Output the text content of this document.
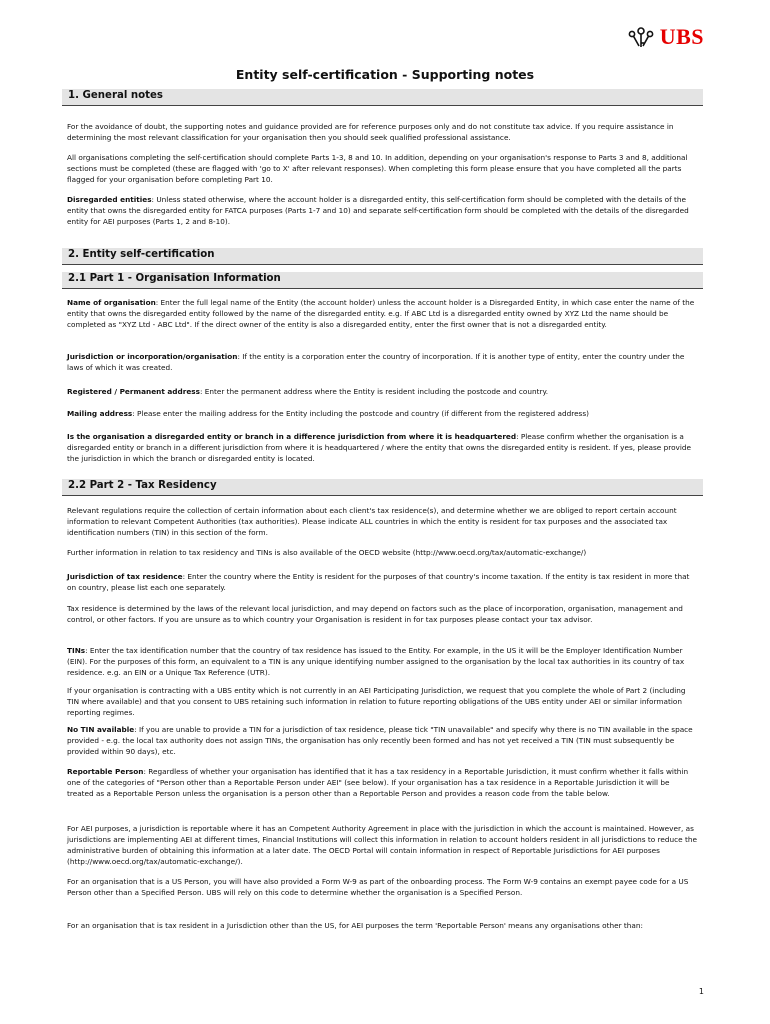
UBS
Entity self-certification - Supporting notes
1. General notes

For the avoidance of doubt, the supporting notes and guidance provided are for reference purposes only and do not constitute tax advice. If you require assistance in determining the most relevant classification for your organisation then you should seek qualified professional assistance.

All organisations completing the self-certification should complete Parts 1-3, 8 and 10. In addition, depending on your organisation's response to Parts 3 and 8, additional sections must be completed (these are flagged with 'go to X' after relevant responses). When completing this form please ensure that you have completed all the parts flagged for your organisation before completing Part 10.

Disregarded entities: Unless stated otherwise, where the account holder is a disregarded entity, this self-certification form should be completed with the details of the entity that owns the disregarded entity for FATCA purposes (Parts 1-7 and 10) and separate self-certification form should be completed with the details of the disregarded entity for AEI purposes (Parts 1, 2 and 8-10).

2. Entity self-certification
2.1 Part 1 - Organisation Information

Name of organisation: Enter the full legal name of the Entity (the account holder) unless the account holder is a Disregarded Entity, in which case enter the name of the entity that owns the disregarded entity followed by the name of the disregarded entity. e.g. If ABC Ltd is a disregarded entity owned by XYZ Ltd the name should be completed as "XYZ Ltd - ABC Ltd". If the direct owner of the entity is also a disregarded entity, enter the first owner that is not a disregarded entity.

Jurisdiction or incorporation/organisation: If the entity is a corporation enter the country of incorporation. If it is another type of entity, enter the country under the laws of which it was created.

Registered / Permanent address: Enter the permanent address where the Entity is resident including the postcode and country.

Mailing address: Please enter the mailing address for the Entity including the postcode and country (if different from the registered address)

Is the organisation a disregarded entity or branch in a difference jurisdiction from where it is headquartered: Please confirm whether the organisation is a disregarded entity or branch in a different jurisdiction from where it is headquartered / where the entity that owns the disregarded entity is resident. If yes, please provide the jurisdiction in which the branch or disregarded entity is located.

2.2 Part 2 - Tax Residency

Relevant regulations require the collection of certain information about each client's tax residence(s), and determine whether we are obliged to report certain account information to relevant Competent Authorities (tax authorities). Please indicate ALL countries in which the entity is resident for tax purposes and the associated tax identification numbers (TIN) in this section of the form.

Further information in relation to tax residency and TINs is also available of the OECD website (http://www.oecd.org/tax/automatic-exchange/)

Jurisdiction of tax residence: Enter the country where the Entity is resident for the purposes of that country's income taxation. If the entity is tax resident in more that on country, please list each one separately.

Tax residence is determined by the laws of the relevant local jurisdiction, and may depend on factors such as the place of incorporation, organisation, management and control, or other factors. If you are unsure as to which country your Organisation is resident in for tax purposes please contact your tax advisor.

TINs: Enter the tax identification number that the country of tax residence has issued to the Entity. For example, in the US it will be the Employer Identification Number (EIN). For the purposes of this form, an equivalent to a TIN is any unique identifying number assigned to the organisation by the local tax authorities in its country of tax residence. e.g. an EIN or a Unique Tax Reference (UTR).

If your organisation is contracting with a UBS entity which is not currently in an AEI Participating Jurisdiction, we request that you complete the whole of Part 2 (including TIN where available) and that you consent to UBS retaining such information in relation to future reporting obligations of the UBS entity under AEI or similar information reporting regimes.

No TIN available: If you are unable to provide a TIN for a jurisdiction of tax residence, please tick "TIN unavailable" and specify why there is no TIN available in the space provided - e.g. the local tax authority does not assign TINs, the organisation has only recently been formed and has not yet received a TIN (TIN must subsequently be provided within 90 days), etc.

Reportable Person: Regardless of whether your organisation has identified that it has a tax residency in a Reportable Jurisdiction, it must confirm whether it falls within one of the categories of "Person other than a Reportable Person under AEI" (see below). If your organisation has a tax residence in a Reportable Jurisdiction it will be treated as a Reportable Person unless the organisation is a person other than a Reportable Person and provides a reason code from the table below.

For AEI purposes, a jurisdiction is reportable where it has an Competent Authority Agreement in place with the jurisdiction in which the account is maintained. However, as jurisdictions are implementing AEI at different times, Financial Institutions will collect this information in relation to account holders resident in all jurisdictions to reduce the administrative burden of obtaining this information at a later date. The OECD Portal will contain information in respect of Reportable Jurisdictions for AEI purposes (http://www.oecd.org/tax/automatic-exchange/).

For an organisation that is a US Person, you will have also provided a Form W-9 as part of the onboarding process. The Form W-9 contains an exempt payee code for a US Person other than a Specified Person. UBS will rely on this code to determine whether the organisation is a Specified Person.

For an organisation that is tax resident in a Jurisdiction other than the US, for AEI purposes the term 'Reportable Person' means any organisations other than:

1
